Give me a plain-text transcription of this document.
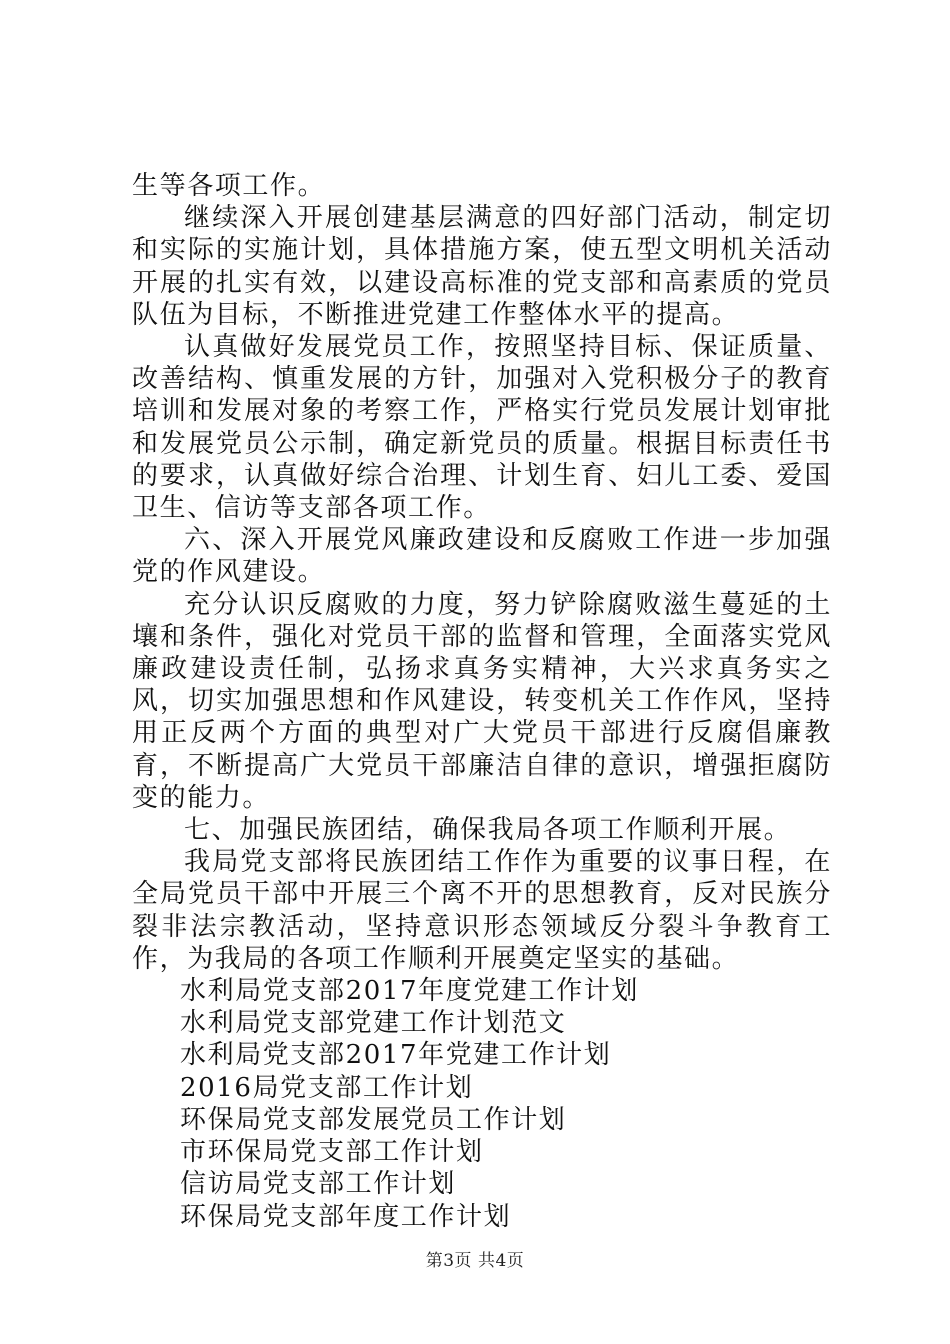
生等各项工作。

继续深入开展创建基层满意的四好部门活动，制定切和实际的实施计划，具体措施方案，使五型文明机关活动开展的扎实有效，以建设高标准的党支部和高素质的党员队伍为目标，不断推进党建工作整体水平的提高。

认真做好发展党员工作，按照坚持目标、保证质量、改善结构、慎重发展的方针，加强对入党积极分子的教育培训和发展对象的考察工作，严格实行党员发展计划审批和发展党员公示制，确定新党员的质量。根据目标责任书的要求，认真做好综合治理、计划生育、妇儿工委、爱国卫生、信访等支部各项工作。

六、深入开展党风廉政建设和反腐败工作进一步加强党的作风建设。

充分认识反腐败的力度，努力铲除腐败滋生蔓延的土壤和条件，强化对党员干部的监督和管理，全面落实党风廉政建设责任制，弘扬求真务实精神，大兴求真务实之风，切实加强思想和作风建设，转变机关工作作风，坚持用正反两个方面的典型对广大党员干部进行反腐倡廉教育，不断提高广大党员干部廉洁自律的意识，增强拒腐防变的能力。

七、加强民族团结，确保我局各项工作顺利开展。

我局党支部将民族团结工作作为重要的议事日程，在全局党员干部中开展三个离不开的思想教育，反对民族分裂非法宗教活动，坚持意识形态领域反分裂斗争教育工作，为我局的各项工作顺利开展奠定坚实的基础。

水利局党支部2017年度党建工作计划
水利局党支部党建工作计划范文
水利局党支部2017年党建工作计划
2016局党支部工作计划
环保局党支部发展党员工作计划
市环保局党支部工作计划
信访局党支部工作计划
环保局党支部年度工作计划
第3页 共4页
